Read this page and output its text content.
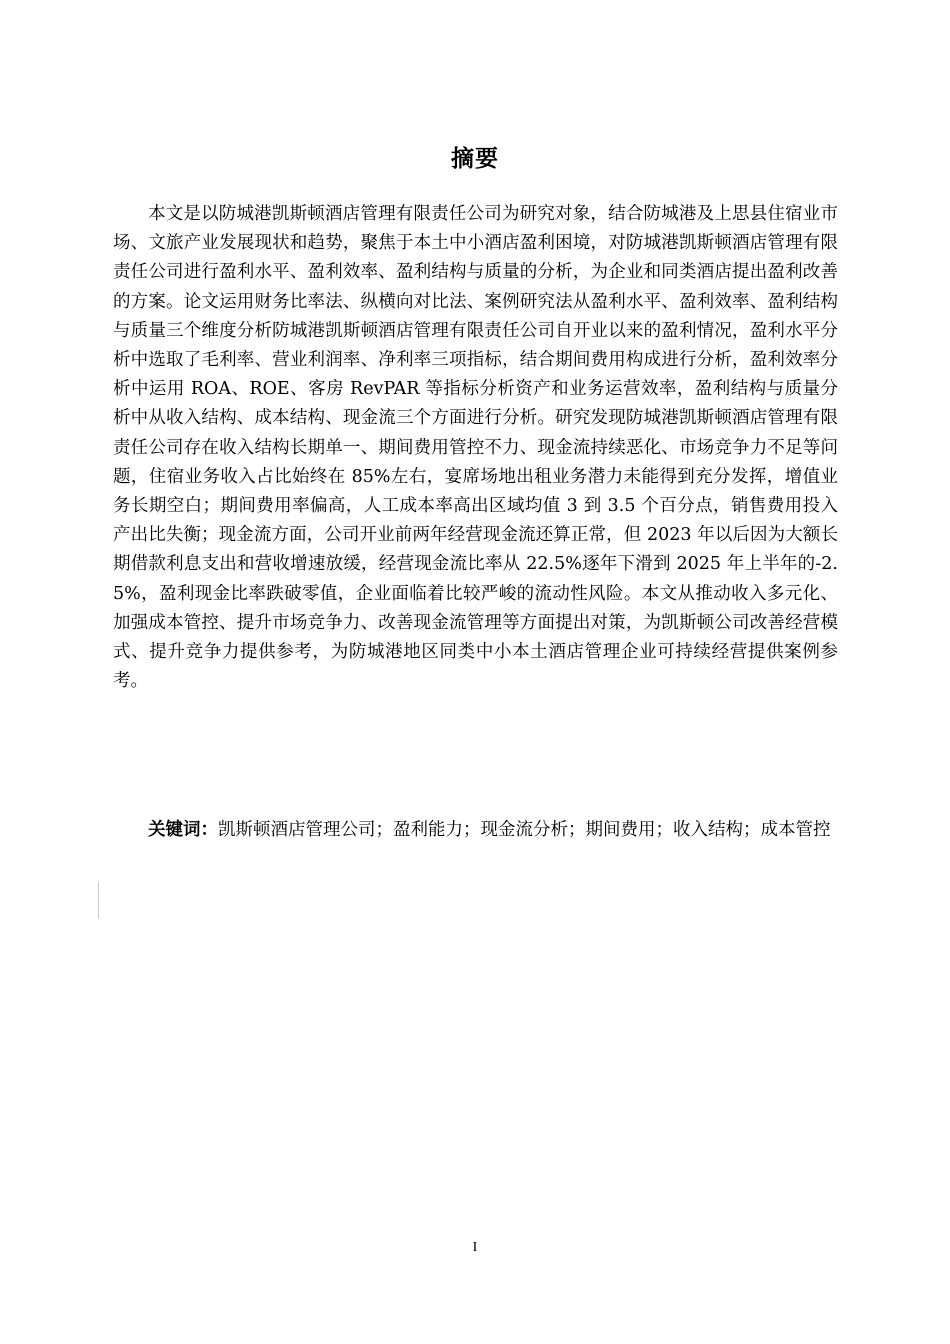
摘要

本文是以防城港凯斯顿酒店管理有限责任公司为研究对象，结合防城港及上思县住宿业市场、文旅产业发展现状和趋势，聚焦于本土中小酒店盈利困境，对防城港凯斯顿酒店管理有限责任公司进行盈利水平、盈利效率、盈利结构与质量的分析，为企业和同类酒店提出盈利改善的方案。论文运用财务比率法、纵横向对比法、案例研究法从盈利水平、盈利效率、盈利结构与质量三个维度分析防城港凯斯顿酒店管理有限责任公司自开业以来的盈利情况，盈利水平分析中选取了毛利率、营业利润率、净利率三项指标，结合期间费用构成进行分析，盈利效率分析中运用 ROA、ROE、客房 RevPAR 等指标分析资产和业务运营效率，盈利结构与质量分析中从收入结构、成本结构、现金流三个方面进行分析。研究发现防城港凯斯顿酒店管理有限责任公司存在收入结构长期单一、期间费用管控不力、现金流持续恶化、市场竞争力不足等问题，住宿业务收入占比始终在 85%左右，宴席场地出租业务潜力未能得到充分发挥，增值业务长期空白；期间费用率偏高，人工成本率高出区域均值 3 到 3.5 个百分点，销售费用投入产出比失衡；现金流方面，公司开业前两年经营现金流还算正常，但 2023 年以后因为大额长期借款利息支出和营收增速放缓，经营现金流比率从 22.5%逐年下滑到 2025 年上半年的-2.5%，盈利现金比率跌破零值，企业面临着比较严峻的流动性风险。本文从推动收入多元化、加强成本管控、提升市场竞争力、改善现金流管理等方面提出对策，为凯斯顿公司改善经营模式、提升竞争力提供参考，为防城港地区同类中小本土酒店管理企业可持续经营提供案例参考。

关键词：凯斯顿酒店管理公司；盈利能力；现金流分析；期间费用；收入结构；成本管控

I
